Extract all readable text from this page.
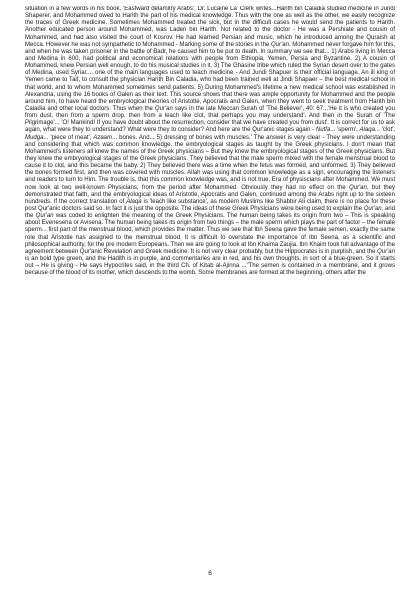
situation in a few words in his book, 'Eastward delamitry Arabs', Dr. Lucaine La' Clerk writes...Harith bin Caladia studied medicine in Jundi Shaperer, and Mohammed owed to Harith the part of his medical knowledge. Thus with the one as well as the other, we easily recognize the traces of Greek medicine. Sometimes Mohammed treated the sick, but in the difficult cases he would send the patients to Harith. Another educated person around Mohammed, was Laden bin Harith. Not related to the doctor - He was a Pershiate and cousin of Mohammed, and had also visited the court of Kosrov. He had learned Persian and music, which he introduced among the Quraish at Mecca. However he was not sympathetic to Mohammed - Marking some of the stories in the Qur'an. Mohammed never forgave him for this, and when he was taken prisoner in the battle of Badr, he caused him to be put to death. In summary we see that... 1) Arabs living in Mecca and Medina in 600, had political and economical relations with people from Ethiopia, Yemen, Persia and Byzantine. 2) A cousin of Mohammed, knew Persian well enough, to do his musical studies in it. 3) The Ghasine tribe which ruled the Syrian desert over to the gates of Medina, used Syriar.... one of the main languages used to teach medicine - And Jundi Shapuer is their official language. An ill king of Yemen came to Taif, to consult the physician Harith Bin Caladia, who had been trained well at Jindi Shapaer – the best medical school in that world, and to whom Mohammed sometimes send patients. 5) During Mohammed's lifetime a new medical school was established in Alexandria, using the 16 books of Galen as their text. This source shows that there was ample opportunity for Mohammed and the people around him, to have heard the embryological theories of Aristotle, Apocratis and Galen, when they went to seek treatment from Harith bin Caladia and other local doctors. Thus when the Qur'an says in the late Meccan Surah of 'The Believer', 40: 67...'He it is who created you from dust, then from a sperm drop, then from a leach like clot, that perhaps you may understand'. And then in the Surah of 'The Pilgrimage'... 'O! Mankind! If you have doubt about the resurrection, consider that we have created you from dust'. It is correct for us to ask again, what were they to understand? What were they to consider? And here are the Qur'anic stages again - Nutfa... 'sperm', Alaqa... 'clot', Mudga... 'piece of meat', Azaam... bones. And... 5) dressing of bones with muscles.' The answer is very clear - They were understanding and considering that which was common knowledge, the embryological stages as taught by the Greek physicians. I don't mean that Mohammed's listeners all knew the names of the Greek physicians – But they knew the embryological stages of the Greek physicians. But they knew the embryological stages of the Greek physicians. They believed that the male sperm mixed with the female menstrual blood to cause it to clot, and this became the baby. 2) They believed there was a time when the fetus was formed, and unformed. 3) They believed the bones formed first, and then was covered with muscles. Allah was using that common knowledge as a sign, encouraging the listeners and readers to turn to Him. The trouble is, that this common knowledge was, and is not true. Era of physiscians after Mohammed. We must now look at two well-known Physicians, from the period after Mohammed. Obviously they had no effect on the Qur'an, but they demonstrated that faith, and the embryological ideas of Aristotle, Apocratis and Galen, continued among the Arabs right up to the sixteen hundreds. If the correct translation of Alaqa is 'leach like substance', as modern Muslims like Shabbir Ali claim, there is no place for these post Qur'anic doctors said so. In fact it is just the opposite. The ideas of these Greek Physicians were being used to explain the Qur'an, and the Qur'an was coded to enlighten the meaning of the Greek Physicians. The human being takes its origin from two – This is speaking about Evenesena or Avisena. The human being takes its origin from two things – the male sperm which plays the part of factor – the female sperm... first part of the menstrual blood, which provides the matter. Thus we see that Ibn Seena gave the female semen, exactly the same role that Aristotle has assigned to the menstrual blood. It is difficult to overstate the importance of Ibn Seena, as a scientific and philosophical authority, for the pre modern Europeans. Then we are going to look at Ibn Khaima Zaujia. Ibn Khaim took full advantage of the agreement between Qur'anic Revelation and Greek medicine. It is not very clear probably, but the Hippocrates is in purplish, and the Qur'an is an bold type green, and the Hadith is in purple, and commentaries are in red, and his own thoughts, in sort of a blue-green. So it starts out – He is giving - He says Hypocrites said, in the third Ch. of Kitab al-Ajinna ..."The semen is contained in a membrane, and it grows because of the blood of its mother, which descends to the womb. Some membranes are formed at the beginning, others after the

6
